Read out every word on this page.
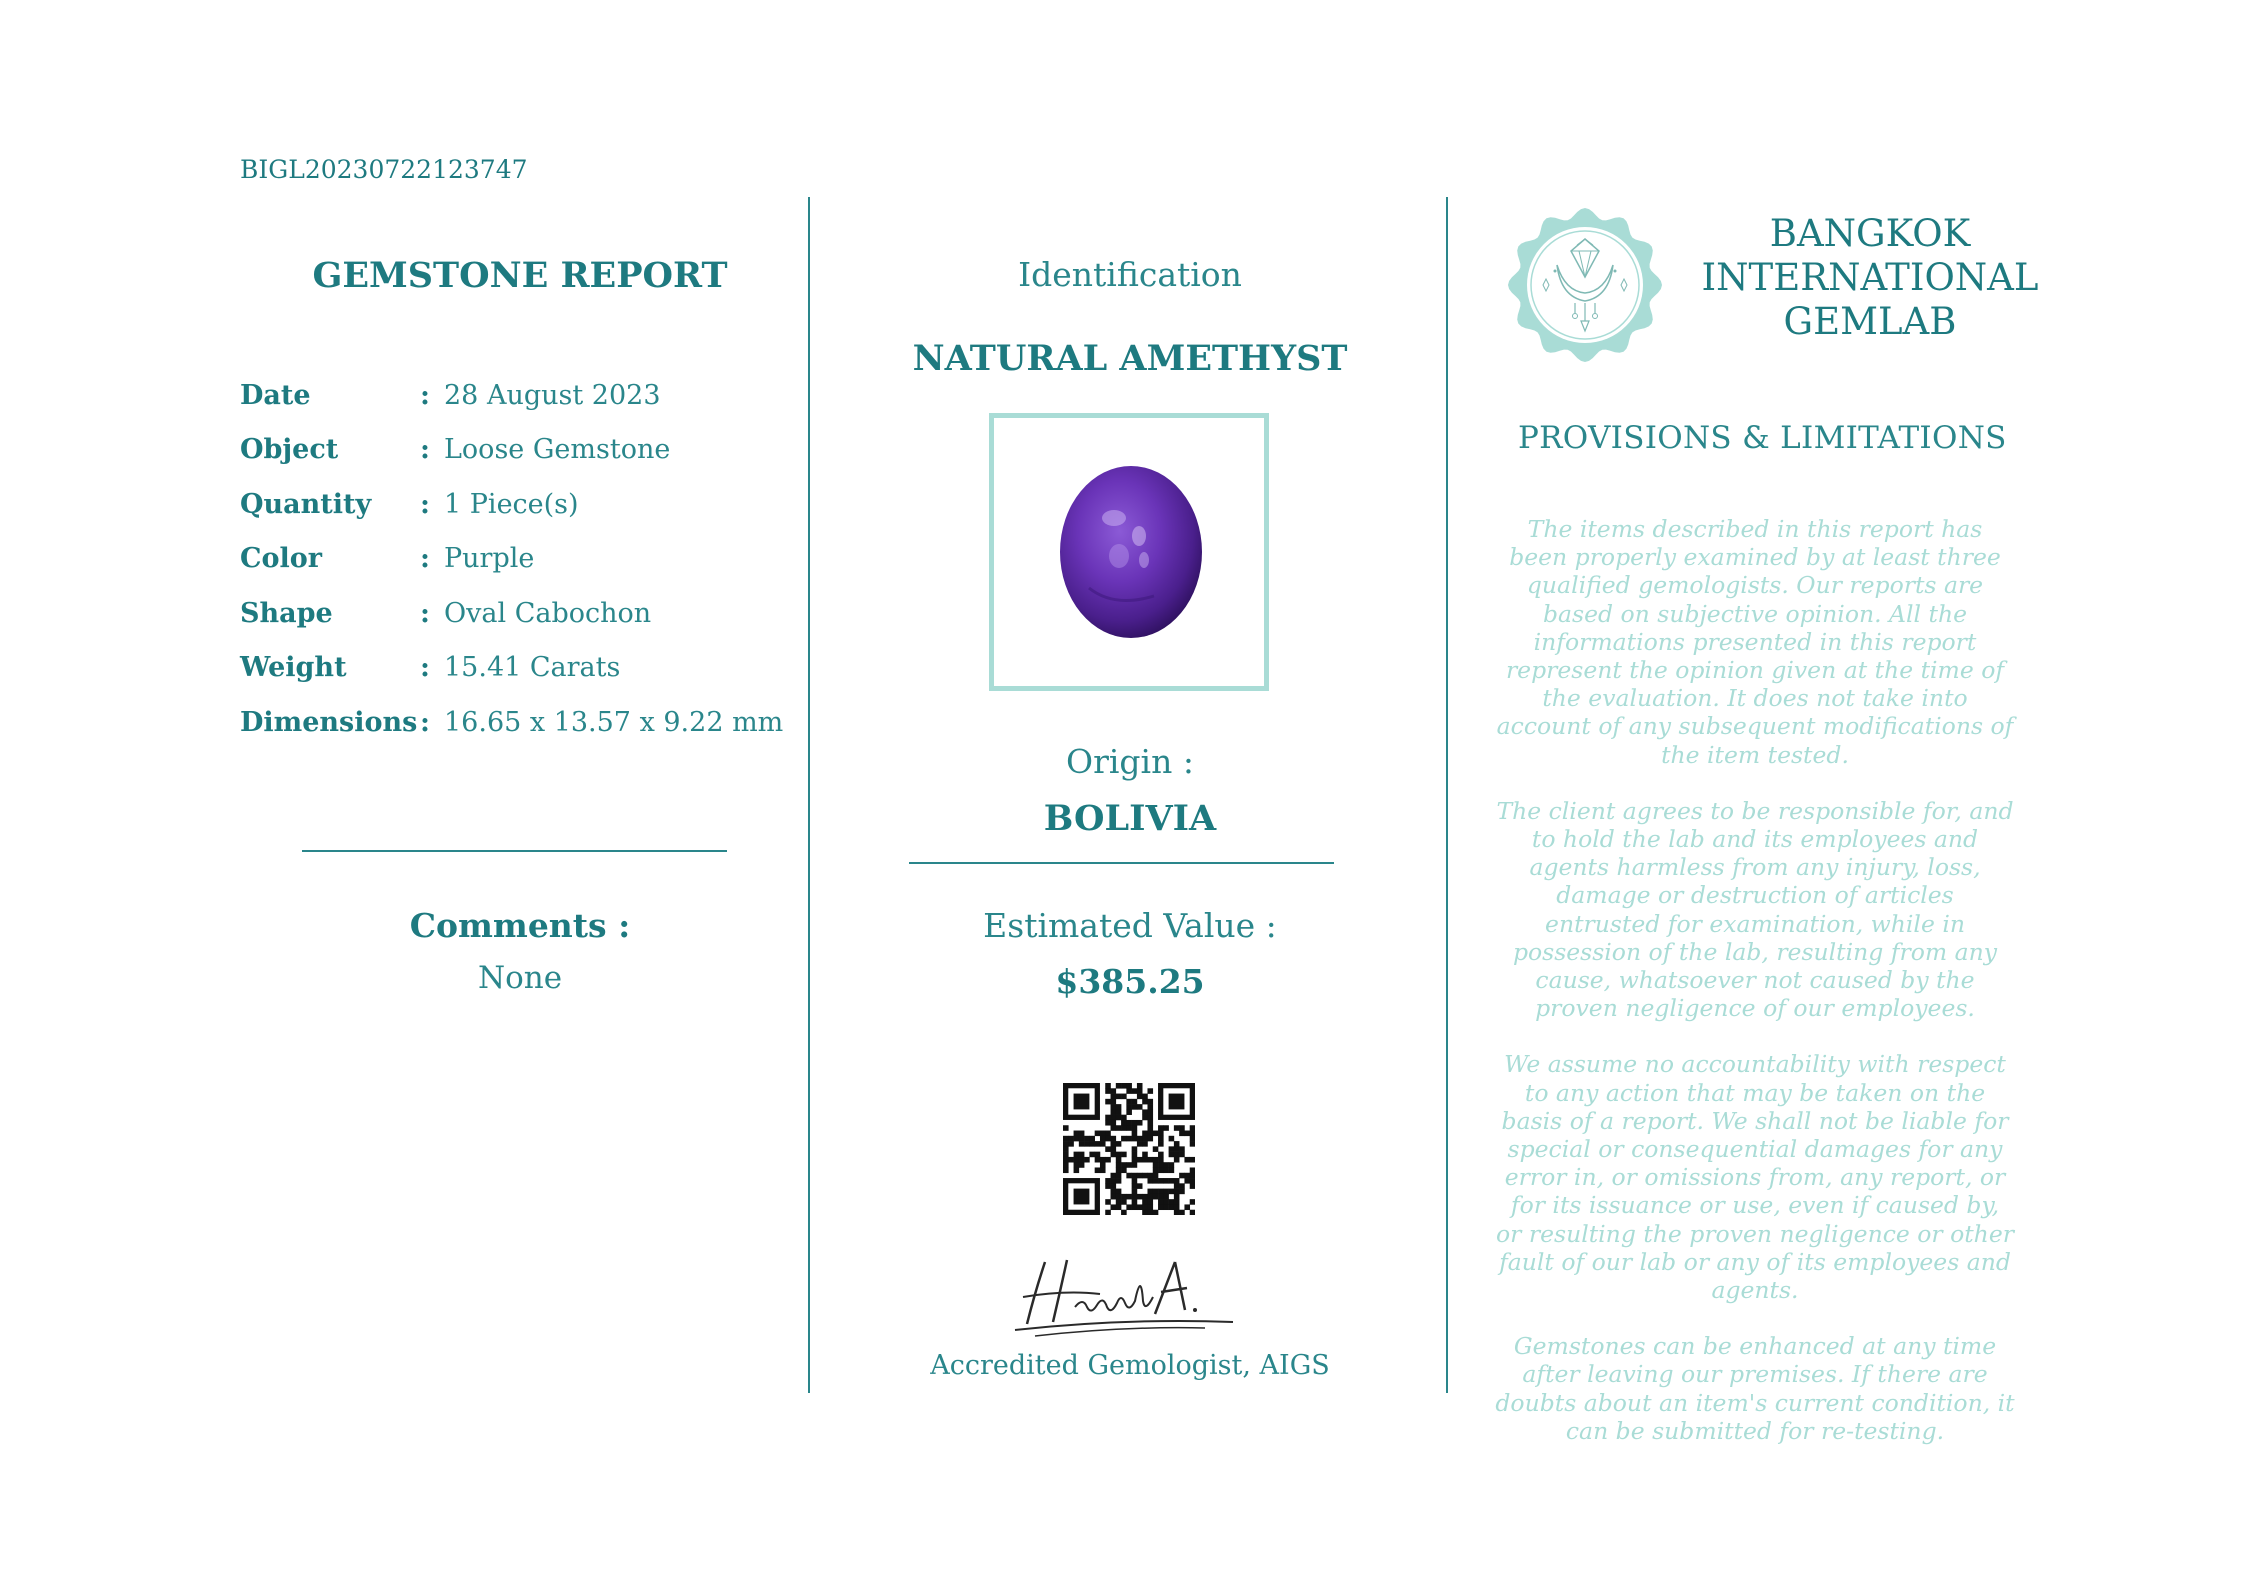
BIGL20230722123747
GEMSTONE REPORT
Date	: 28 August 2023
Object	: Loose Gemstone
Quantity	: 1 Piece(s)
Color	: Purple
Shape	: Oval Cabochon
Weight	: 15.41 Carats
Dimensions : 16.65 x 13.57 x 9.22 mm
Comments :
None
Identification
NATURAL AMETHYST
Origin :
BOLIVIA
Estimated Value :
$385.25
Accredited Gemologist, AIGS
BANGKOK
INTERNATIONAL
GEMLAB
PROVISIONS & LIMITATIONS

The items described in this report has been properly examined by at least three qualified gemologists. Our reports are based on subjective opinion. All the informations presented in this report represent the opinion given at the time of the evaluation. It does not take into account of any subsequent modifications of the item tested.

The client agrees to be responsible for, and to hold the lab and its employees and agents harmless from any injury, loss, damage or destruction of articles entrusted for examination, while in possession of the lab, resulting from any cause, whatsoever not caused by the proven negligence of our employees.

We assume no accountability with respect to any action that may be taken on the basis of a report. We shall not be liable for special or consequential damages for any error in, or omissions from, any report, or for its issuance or use, even if caused by, or resulting the proven negligence or other fault of our lab or any of its employees and agents.

Gemstones can be enhanced at any time after leaving our premises. If there are doubts about an item's current condition, it can be submitted for re-testing.
